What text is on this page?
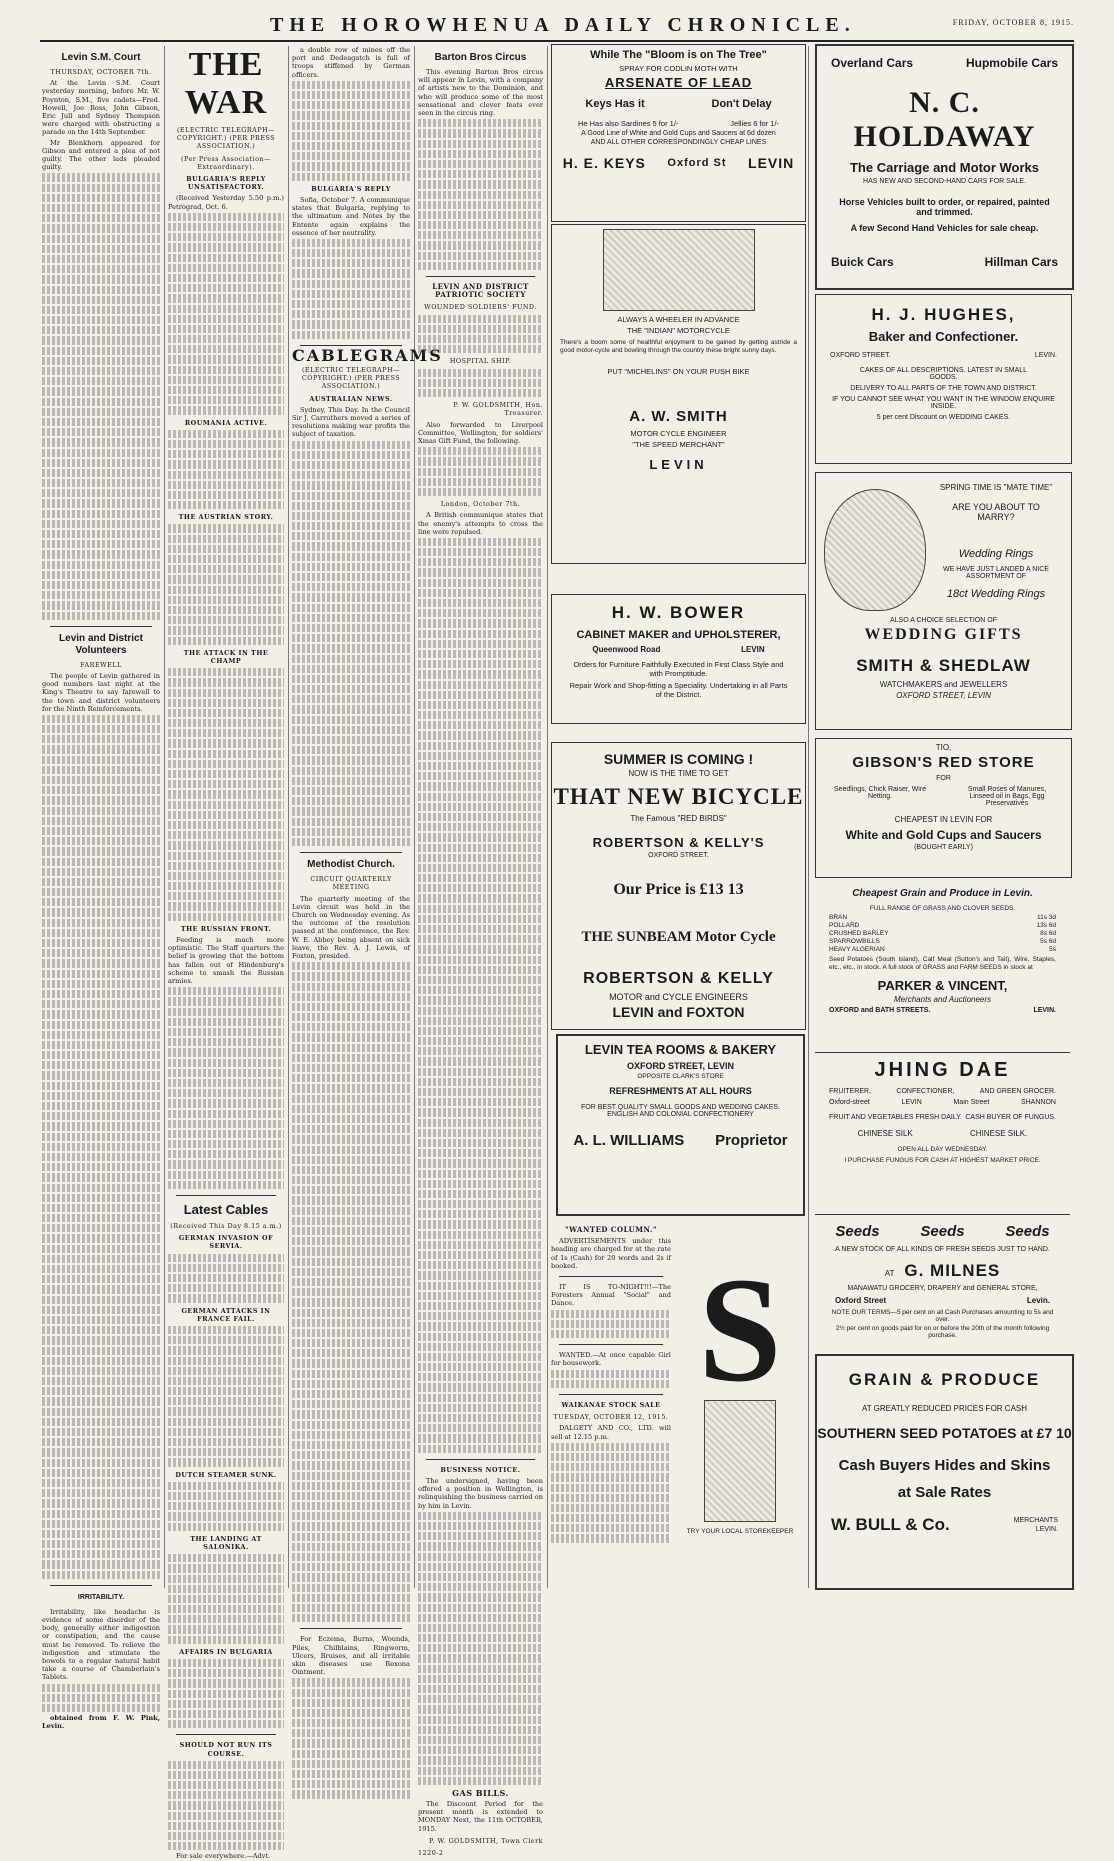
THE HOROWHENUA DAILY CHRONICLE.	FRIDAY, OCTOBER 8, 1915.
Levin S.M. Court
THURSDAY, OCTOBER 7th.

At the Levin S.M. Court yesterday morning, before Mr. W. Poynton, S.M., five cadets—Fred. Howell, Joe Ross, John Gibson, Eric Jull and Sydney Thompson were charged with obstructing a parade on the 14th September.

Mr Blenkhorn appeared for Gibson and entered a plea of not guilty. The other lads pleaded guilty.

Levin and District Volunteers
FAREWELL

The people of Levin gathered in good numbers last night at the King's Theatre to say farewell to the town and district volunteers for the Ninth Reinforcements.

IRRITABILITY.

Irritability, like headache is evidence of some disorder of the body, generally either indigestion or constipation, and the cause must be removed. To relieve the indigestion and stimulate the bowels to a regular natural habit take a course of Chamberlain's Tablets.

obtained from F. W. Pink, Levin.

THE WAR
(ELECTRIC TELEGRAPH—COPYRIGHT.) (PER PRESS ASSOCIATION.)
(Per Press Association—Extraordinary).
BULGARIA'S REPLY UNSATISFACTORY.

(Received Yesterday 5.50 p.m.) Petrograd, Oct. 6.

ROUMANIA ACTIVE.
THE AUSTRIAN STORY.
THE ATTACK IN THE CHAMP
THE RUSSIAN FRONT.

Feeding is much more optimistic. The Staff quarters the belief is growing that the bottom has fallen out of Hindenburg's scheme to smash the Russian armies.

Latest Cables
(Received This Day 8.15 a.m.)
GERMAN INVASION OF SERVIA.
GERMAN ATTACKS IN FRANCE FAIL.
DUTCH STEAMER SUNK.
THE LANDING AT SALONIKA.
AFFAIRS IN BULGARIA
SHOULD NOT RUN ITS COURSE.

For sale everywhere.—Advt.

a double row of mines off the port and Dedeagatch is full of troops stiffened by German officers.

BULGARIA'S REPLY

Sofia, October 7. A communique states that Bulgaria, replying to the ultimatum and Notes by the Entente again explains the essence of her neutrality.

CABLEGRAMS
(ELECTRIC TELEGRAPH—COPYRIGHT.) (PER PRESS ASSOCIATION.)
AUSTRALIAN NEWS.

Sydney, This Day. In the Council Sir J. Carruthers moved a series of resolutions making war profits the subject of taxation.

Methodist Church.
CIRCUIT QUARTERLY MEETING

The quarterly meeting of the Levin circuit was held in the Church on Wednesday evening. As the outcome of the resolution passed at the conference, the Rev. W. E. Abbey being absent on sick leave, the Rev. A. J. Lewis, of Foxton, presided.

For Eczema, Burns, Wounds, Piles, Chilblains, Ringworm, Ulcers, Bruises, and all irritable skin diseases use Rexona Ointment.

Barton Bros Circus

This evening Barton Bros circus will appear in Levin, with a company of artists new to the Dominion, and who will produce some of the most sensational and clever feats ever seen in the circus ring.

LEVIN AND DISTRICT PATRIOTIC SOCIETY
WOUNDED SOLDIERS' FUND.
HOSPITAL SHIP.
P. W. GOLDSMITH, Hon. Treasurer.

Also forwarded to Liverpool Committee, Wellington, for soldiers' Xmas Gift Fund, the following.

London, October 7th.

A British communique states that the enemy's attempts to cross the line were repulsed.

BUSINESS NOTICE.

The undersigned, having been offered a position in Wellington, is relinquishing the business carried on by him in Levin.

GAS BILLS.

The Discount Period for the present month is extended to MONDAY Next, the 11th OCTOBER, 1915.

P. W. GOLDSMITH, Town Clerk
1220-2
While The "Bloom is on The Tree"
SPRAY FOR CODLIN MOTH WITH
ARSENATE OF LEAD
Keys Has it	Don't Delay
He Has also Sardines 5 for 1/-	Jellies 6 for 1/-
A Good Line of White and Gold Cups and Saucers at 6d dozen
AND ALL OTHER CORRESPONDINGLY CHEAP LINES
H. E. KEYS Oxford St LEVIN
ALWAYS A WHEELER IN ADVANCE
THE "INDIAN" MOTORCYCLE
There's a boom some of healthful enjoyment to be gained by getting astride a good motor-cycle and bowling through the country these bright sunny days.
PUT "MICHELINS" ON YOUR PUSH BIKE
A. W. SMITH
MOTOR CYCLE ENGINEER
"THE SPEED MERCHANT"
LEVIN
H. W. BOWER
CABINET MAKER and UPHOLSTERER,
Queenwood Road	LEVIN
Orders for Furniture Faithfully Executed in First Class Style and with Promptitude.
Repair Work and Shop-fitting a Speciality. Undertaking in all Parts of the District.
SUMMER IS COMING !
NOW IS THE TIME TO GET
THAT NEW BICYCLE
The Famous "RED BIRDS"
ROBERTSON & KELLY'S
OXFORD STREET.
Our Price is £13 13
THE SUNBEAM Motor Cycle
ROBERTSON & KELLY
MOTOR and CYCLE ENGINEERS
LEVIN and FOXTON
LEVIN TEA ROOMS & BAKERY
OXFORD STREET, LEVIN
OPPOSITE CLARK'S STORE
REFRESHMENTS AT ALL HOURS
FOR BEST QUALITY SMALL GOODS AND WEDDING CAKES. ENGLISH AND COLONIAL CONFECTIONERY
A. L. WILLIAMS Proprietor
"WANTED COLUMN."

ADVERTISEMENTS under this heading are charged for at the rate of 1s (Cash) for 20 words and 2s if booked.

IT IS TO-NIGHT!!!—The Foresters Annual "Social" and Dance.

WANTED.—At once capable Girl for housework.

WAIKANAE STOCK SALE
TUESDAY, OCTOBER 12, 1915.

DALGETY AND CO., LTD. will sell at 12.15 p.m.

S
TRY YOUR LOCAL STOREKEEPER
Overland Cars	Hupmobile Cars
N. C. HOLDAWAY
The Carriage and Motor Works
HAS NEW AND SECOND-HAND CARS FOR SALE.
Horse Vehicles built to order, or repaired, painted and trimmed.
A few Second Hand Vehicles for sale cheap.
Buick Cars	Hillman Cars
H. J. HUGHES,
Baker and Confectioner.
OXFORD STREET.	LEVIN.
CAKES OF ALL DESCRIPTIONS. LATEST IN SMALL GOODS.
DELIVERY TO ALL PARTS OF THE TOWN AND DISTRICT.
IF YOU CANNOT SEE WHAT YOU WANT IN THE WINDOW ENQUIRE INSIDE.
5 per cent Discount on WEDDING CAKES.
SPRING TIME IS "MATE TIME"
ARE YOU ABOUT TO MARRY?
Wedding Rings
WE HAVE JUST LANDED A NICE ASSORTMENT OF
18ct Wedding Rings
ALSO A CHOICE SELECTION OF
WEDDING GIFTS
SMITH & SHEDLAW
WATCHMAKERS and JEWELLERS
OXFORD STREET, LEVIN
TIO,
GIBSON'S RED STORE
FOR
Seedlings, Chick Raiser, Wire Netting.
Small Roses of Manures, Linseed oil in Bags, Egg Preservatives
CHEAPEST IN LEVIN FOR
White and Gold Cups and Saucers
(BOUGHT EARLY)
Cheapest Grain and Produce in Levin.
FULL RANGE OF GRASS AND CLOVER SEEDS.
BRAN	11s 3d
POLLARD	13s 6d
CRUSHED BARLEY	8s 6d
SPARROWBILLS	5s 6d
HEAVY ALGERIAN	5s
Seed Potatoes (South Island), Calf Meal (Sutton's and Tait), Wire, Staples, etc., etc., in stock. A full stock of GRASS and FARM SEEDS in stock at
PARKER & VINCENT,
Merchants and Auctioneers
OXFORD and BATH STREETS.	LEVIN.
JHING DAE
FRUITERER,	CONFECTIONER,	AND GREEN GROCER.
Oxford-street	LEVIN	Main Street	SHANNON
FRUIT AND VEGETABLES FRESH DAILY. CASH BUYER OF FUNGUS.
CHINESE SILK	CHINESE SILK.
OPEN ALL DAY WEDNESDAY.
I PURCHASE FUNGUS FOR CASH AT HIGHEST MARKET PRICE.
Seeds	Seeds	Seeds
A NEW STOCK OF ALL KINDS OF FRESH SEEDS JUST TO HAND.
AT G. MILNES
MANAWATU GROCERY, DRAPERY and GENERAL STORE,
Oxford Street	Levin.
NOTE OUR TERMS—5 per cent on all Cash Purchases amounting to 5s and over.
2½ per cent on goods paid for on or before the 20th of the month following purchase.
GRAIN & PRODUCE
AT GREATLY REDUCED PRICES FOR CASH
SOUTHERN SEED POTATOES at £7 10
Cash Buyers Hides and Skins
at Sale Rates
W. BULL & Co.	MERCHANTS
LEVIN.
